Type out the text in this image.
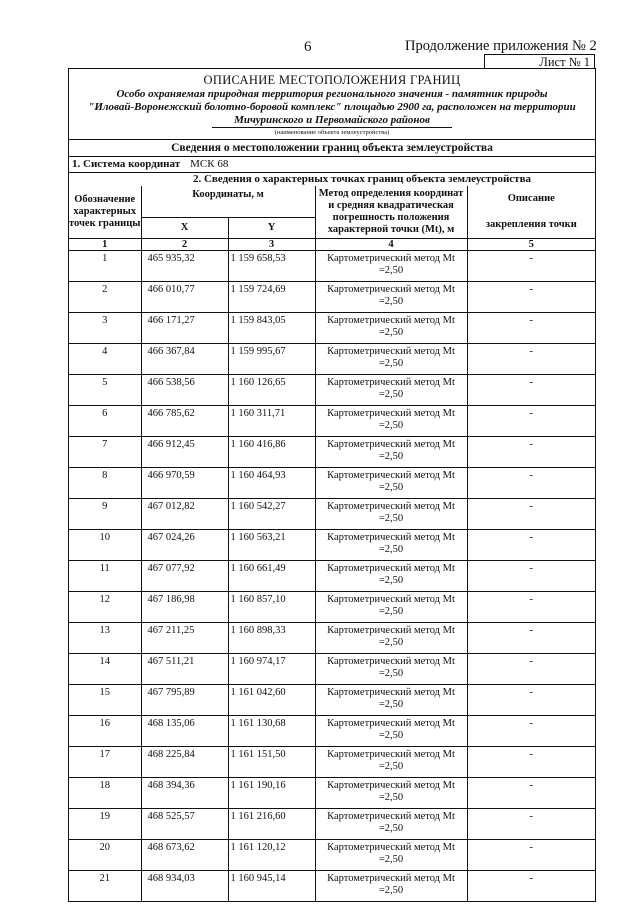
6	Продолжение приложения № 2
Лист № 1
ОПИСАНИЕ МЕСТОПОЛОЖЕНИЯ ГРАНИЦ
Особо охраняемая природная территория регионального значения - памятник природы
"Иловай-Воронежский болотно-боровой комплекс" площадью 2900 га, расположен на территории
Мичуринского и Первомайского районов
(наименование объекта землеустройства)
Сведения о местоположении границ объекта землеустройства
1. Система координат МСК 68
2. Сведения о характерных точках границ объекта землеустройства
Обозначение характерных точек границы	Координаты, м		Метод определения координат и средняя квадратическая погрешность положения характерной точки (Mt), м	Описание
закрепления точки

	X	Y		
1	2	3	4	5
1	465 935,32	1 159 658,53	Картометрический метод Mt
=2,50	-
2	466 010,77	1 159 724,69	Картометрический метод Mt
=2,50	-
3	466 171,27	1 159 843,05	Картометрический метод Mt
=2,50	-
4	466 367,84	1 159 995,67	Картометрический метод Mt
=2,50	-
5	466 538,56	1 160 126,65	Картометрический метод Mt
=2,50	-
6	466 785,62	1 160 311,71	Картометрический метод Mt
=2,50	-
7	466 912,45	1 160 416,86	Картометрический метод Mt
=2,50	-
8	466 970,59	1 160 464,93	Картометрический метод Mt
=2,50	-
9	467 012,82	1 160 542,27	Картометрический метод Mt
=2,50	-
10	467 024,26	1 160 563,21	Картометрический метод Mt
=2,50	-
11	467 077,92	1 160 661,49	Картометрический метод Mt
=2,50	-
12	467 186,98	1 160 857,10	Картометрический метод Mt
=2,50	-
13	467 211,25	1 160 898,33	Картометрический метод Mt
=2,50	-
14	467 511,21	1 160 974,17	Картометрический метод Mt
=2,50	-
15	467 795,89	1 161 042,60	Картометрический метод Mt
=2,50	-
16	468 135,06	1 161 130,68	Картометрический метод Mt
=2,50	-
17	468 225,84	1 161 151,50	Картометрический метод Mt
=2,50	-
18	468 394,36	1 161 190,16	Картометрический метод Mt
=2,50	-
19	468 525,57	1 161 216,60	Картометрический метод Mt
=2,50	-
20	468 673,62	1 161 120,12	Картометрический метод Mt
=2,50	-
21	468 934,03	1 160 945,14	Картометрический метод Mt
=2,50	-
